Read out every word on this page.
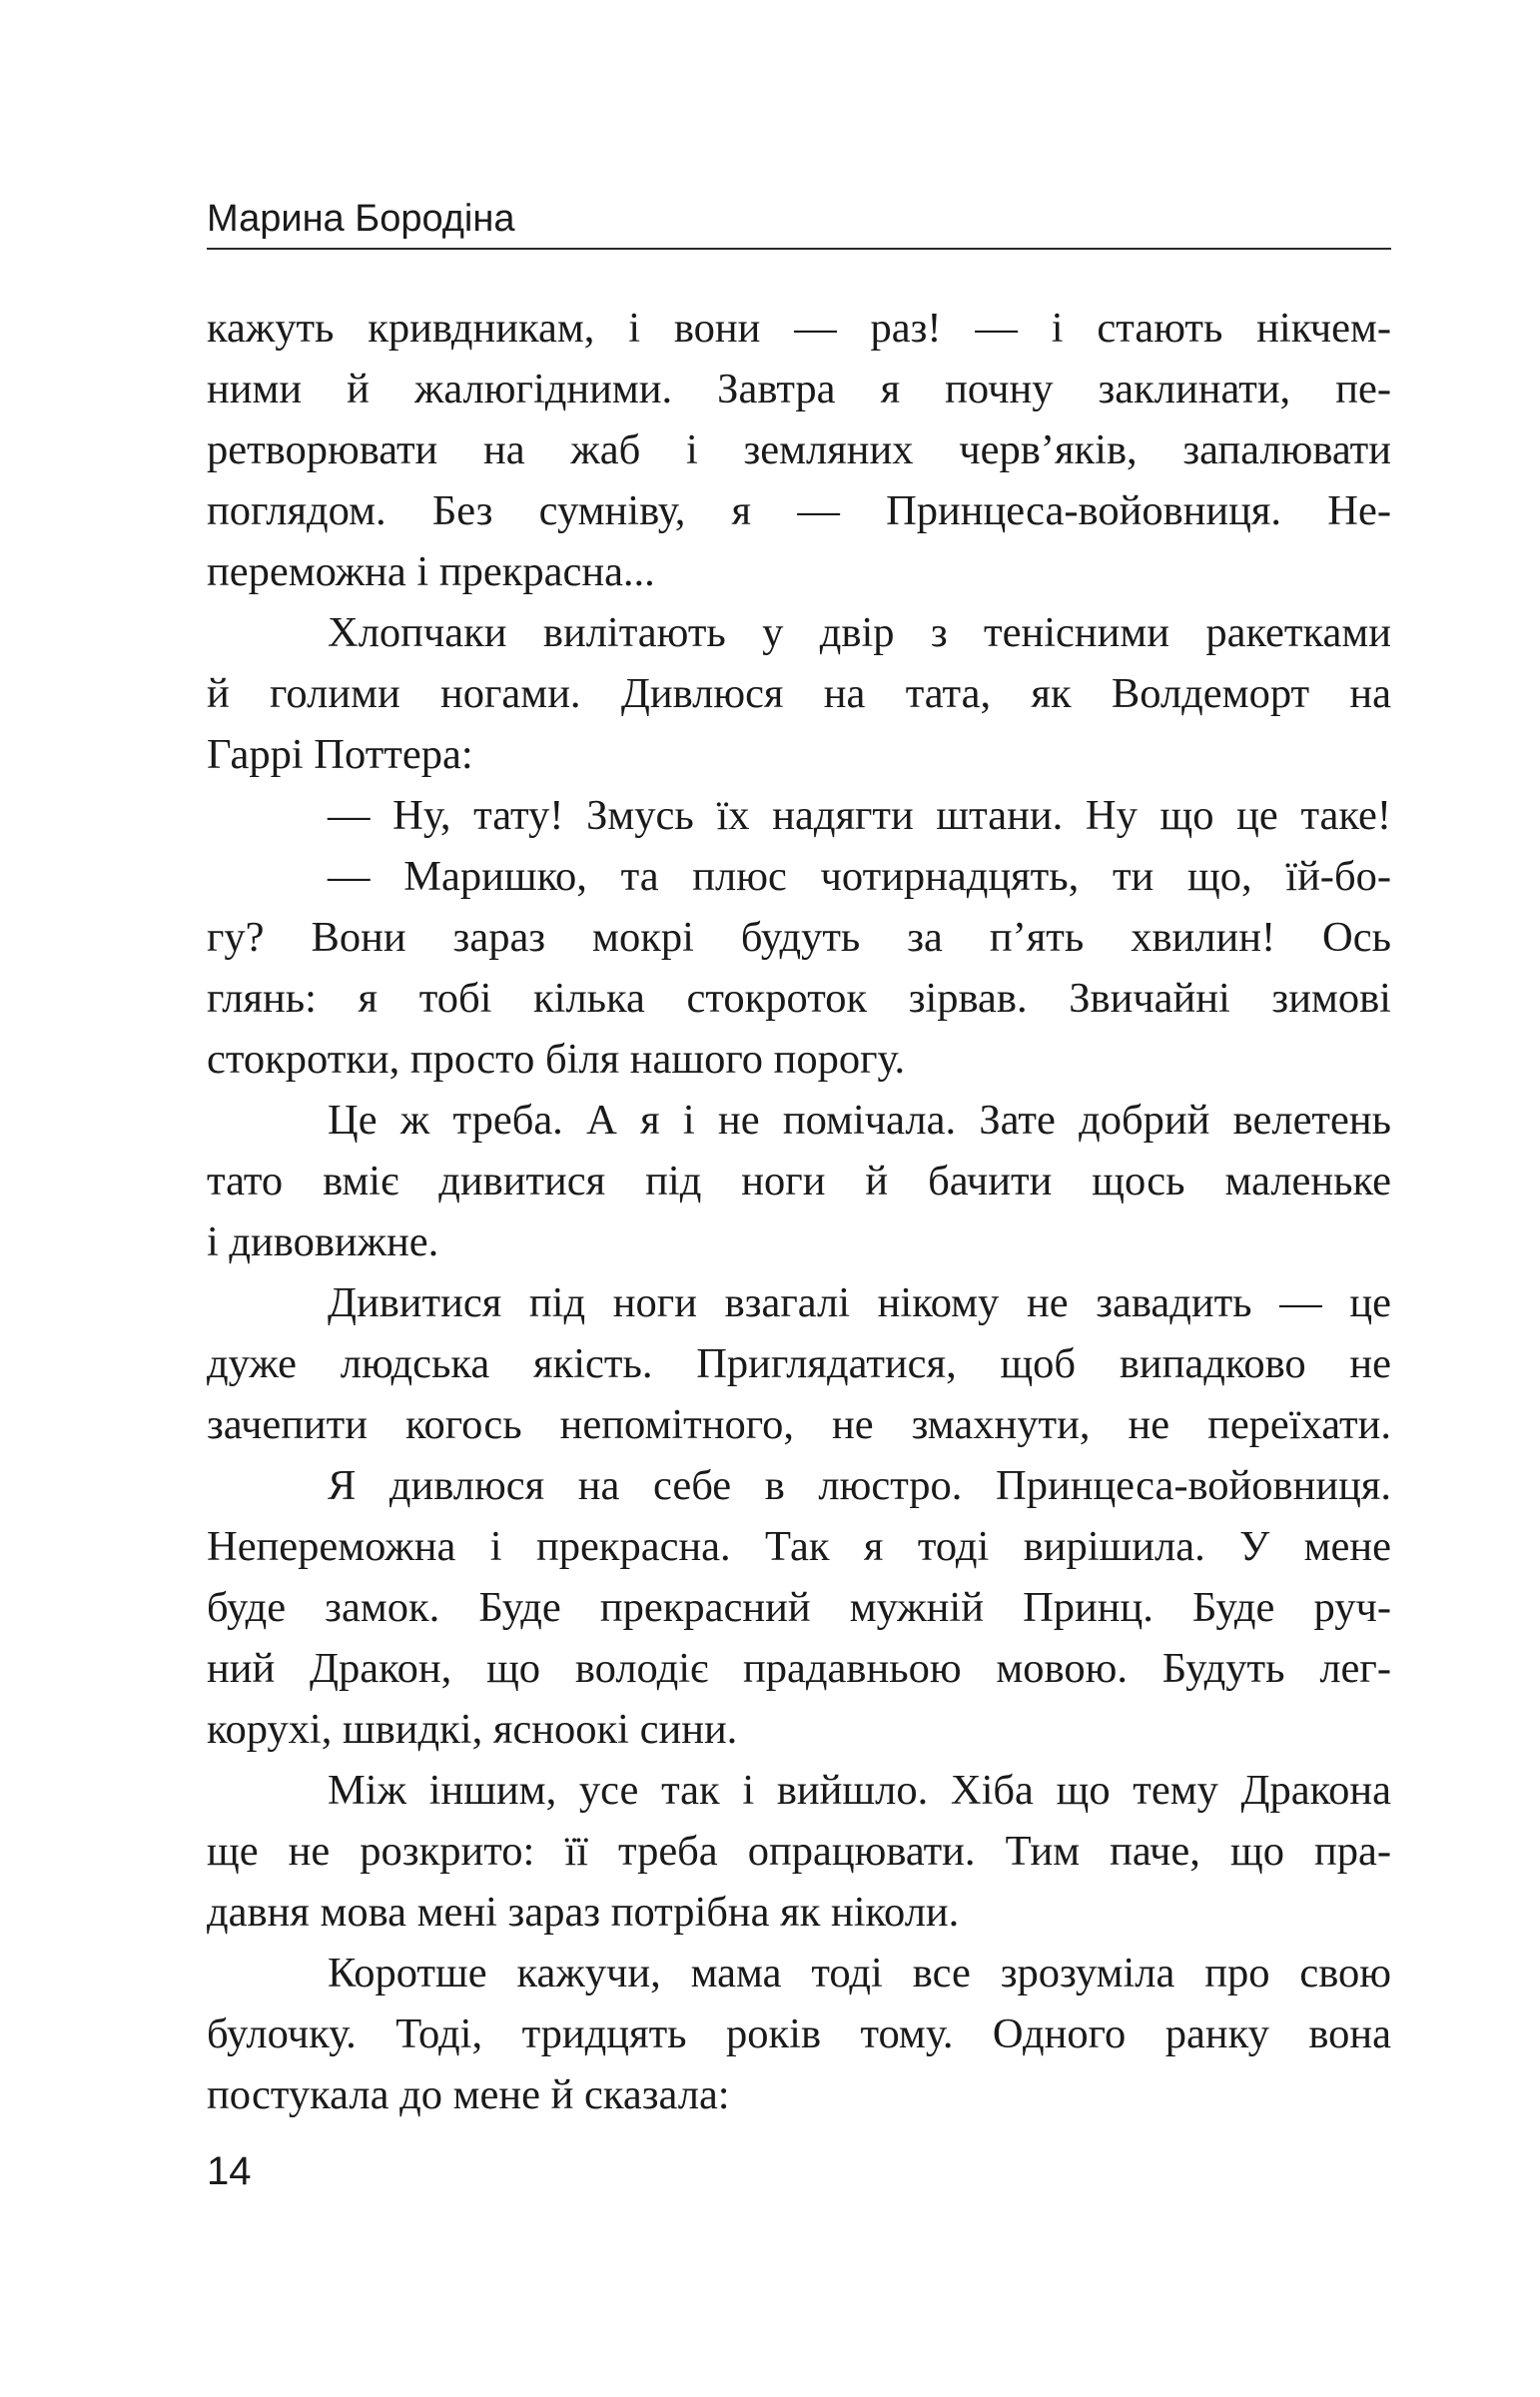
Марина Бородіна
кажуть кривдникам, і вони — раз! — і стають нікчем-
ними й жалюгідними. Завтра я почну заклинати, пе-
ретворювати на жаб і земляних черв’яків, запалювати
поглядом. Без сумніву, я — Принцеса-войовниця. Не-
переможна і прекрасна...
Хлопчаки вилітають у двір з тенісними ракетками
й голими ногами. Дивлюся на тата, як Волдеморт на
Гаррі Поттера:
— Ну, тату! Змусь їх надягти штани. Ну що це таке!
— Маришко, та плюс чотирнадцять, ти що, їй-бо-
гу? Вони зараз мокрі будуть за п’ять хвилин! Ось
глянь: я тобі кілька стокроток зірвав. Звичайні зимові
стокротки, просто біля нашого порогу.
Це ж треба. А я і не помічала. Зате добрий велетень
тато вміє дивитися під ноги й бачити щось маленьке
і дивовижне.
Дивитися під ноги взагалі нікому не завадить — це
дуже людська якість. Приглядатися, щоб випадково не
зачепити когось непомітного, не змахнути, не переїхати.
Я дивлюся на себе в люстро. Принцеса-войовниця.
Непереможна і прекрасна. Так я тоді вирішила. У мене
буде замок. Буде прекрасний мужній Принц. Буде руч-
ний Дракон, що володіє прадавньою мовою. Будуть лег-
корухі, швидкі, ясноокі сини.
Між іншим, усе так і вийшло. Хіба що тему Дракона
ще не розкрито: її треба опрацювати. Тим паче, що пра-
давня мова мені зараз потрібна як ніколи.
Коротше кажучи, мама тоді все зрозуміла про свою
булочку. Тоді, тридцять років тому. Одного ранку вона
постукала до мене й сказала:
14
